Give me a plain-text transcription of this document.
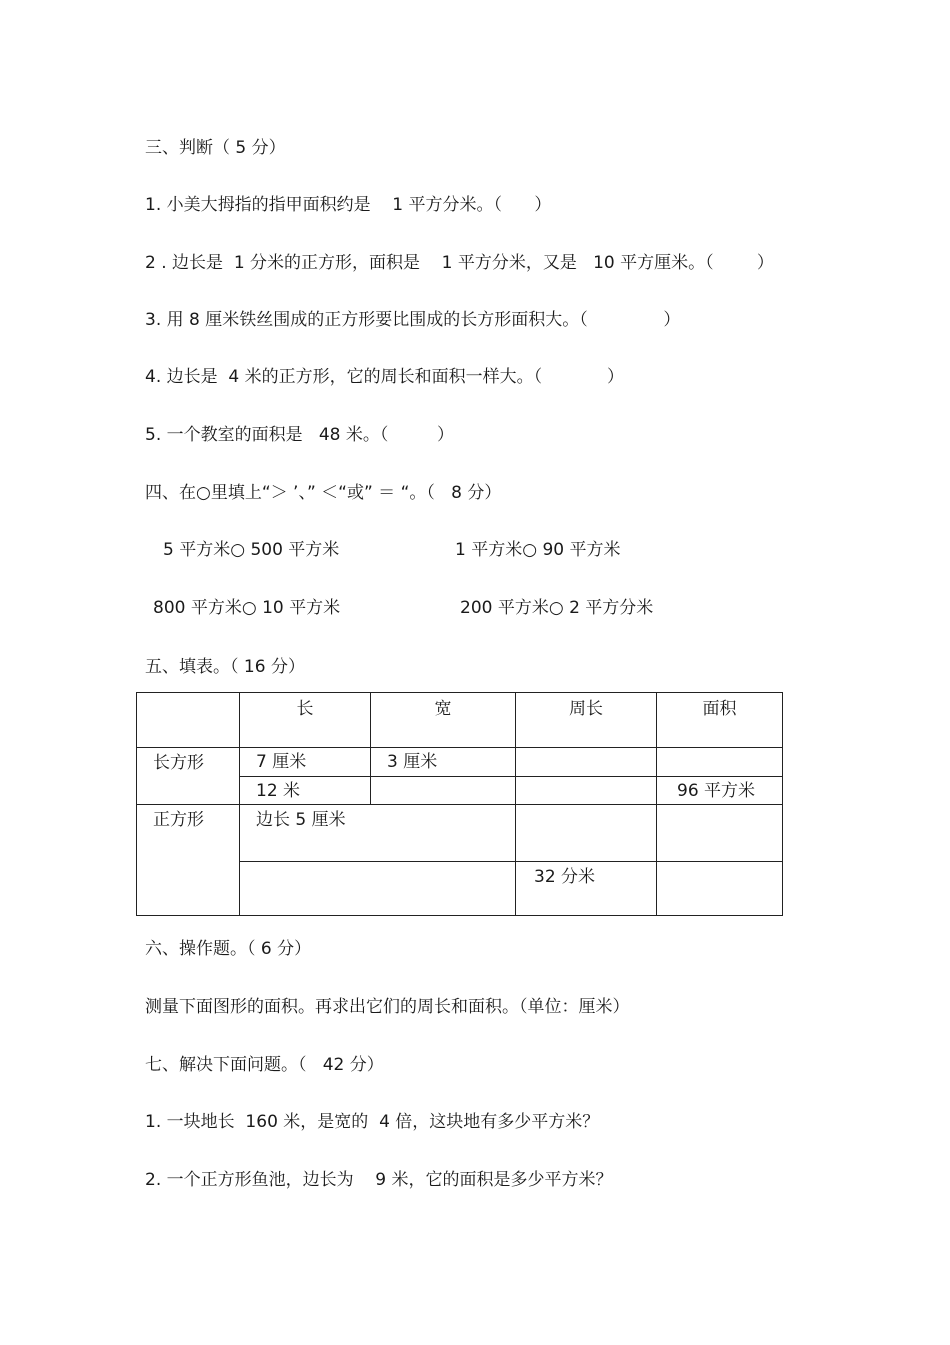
三、判断（ 5 分）
1. 小美大拇指的指甲面积约是    1 平方分米。（      ）
2 . 边长是  1 分米的正方形，面积是    1 平方分米，又是   10 平方厘米。（        ）
3. 用 8 厘米铁丝围成的正方形要比围成的长方形面积大。（              ）
4. 边长是  4 米的正方形，它的周长和面积一样大。（            ）
5. 一个教室的面积是   48 米。（         ）
四、在○里填上“＞ ’、” ＜“或” ＝ “。（   8 分）
5 平方米○ 500 平方米	1 平方米○ 90 平方米
800 平方米○ 10 平方米	200 平方米○ 2 平方分米
五、填表。（ 16 分）

	长	宽	周长	面积

长方形	7 厘米	3 厘米		

	12 米			96 平方米

正方形	边长 5 厘米			

			32 分米	

六、操作题。（ 6 分）
测量下面图形的面积。再求出它们的周长和面积。（单位：厘米）
七、解决下面问题。（   42 分）
1. 一块地长  160 米，是宽的  4 倍，这块地有多少平方米？
2. 一个正方形鱼池，边长为    9 米，它的面积是多少平方米？
